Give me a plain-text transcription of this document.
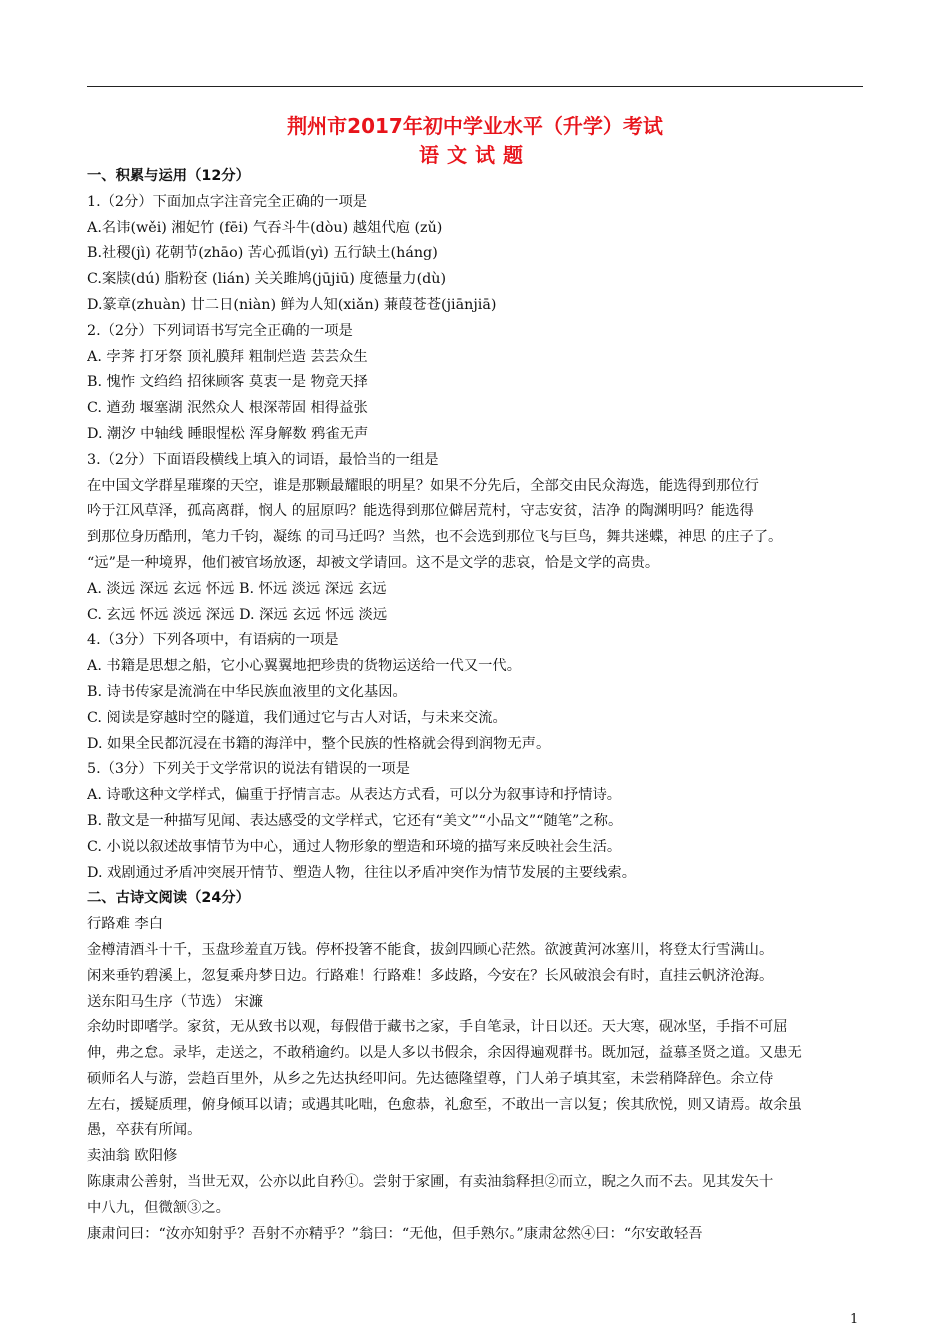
荆州市2017年初中学业水平（升学）考试
语文试题
一、积累与运用（12分）
1.（2分）下面加点字注音完全正确的一项是
A.名讳(wěi) 湘妃竹 (fēi) 气吞斗牛(dòu) 越俎代庖 (zǔ)
B.社稷(jì) 花朝节(zhāo) 苦心孤诣(yì) 五行缺土(háng)
C.案牍(dú) 脂粉奁 (lián) 关关雎鸠(jūjiū) 度德量力(dù)
D.篆章(zhuàn) 廿二日(niàn) 鲜为人知(xiǎn) 蒹葭苍苍(jiānjiā)
2.（2分）下列词语书写完全正确的一项是
A. 孛荠 打牙祭 顶礼膜拜 粗制烂造 芸芸众生
B. 愧怍 文绉绉 招徕顾客 莫衷一是 物竞天择
C. 遒劲 堰塞湖 泯然众人 根深蒂固 相得益张
D. 潮汐 中轴线 睡眼惺松 浑身解数 鸦雀无声
3.（2分）下面语段横线上填入的词语，最恰当的一组是
在中国文学群星璀璨的天空，谁是那颗最耀眼的明星？如果不分先后，全部交由民众海选，能选得到那位行
吟于江风草泽，孤高离群，悯人 的屈原吗？能选得到那位僻居荒村，守志安贫，洁净 的陶渊明吗？能选得
到那位身历酷刑，笔力千钧，凝练 的司马迁吗？当然，也不会选到那位飞与巨鸟，舞共迷蝶，神思 的庄子了。
“远”是一种境界，他们被官场放逐，却被文学请回。这不是文学的悲哀，恰是文学的高贵。
A. 淡远 深远 玄远 怀远 B. 怀远 淡远 深远 玄远
C. 玄远 怀远 淡远 深远 D. 深远 玄远 怀远 淡远
4.（3分）下列各项中，有语病的一项是
A. 书籍是思想之船，它小心翼翼地把珍贵的货物运送给一代又一代。
B. 诗书传家是流淌在中华民族血液里的文化基因。
C. 阅读是穿越时空的隧道，我们通过它与古人对话，与未来交流。
D. 如果全民都沉浸在书籍的海洋中，整个民族的性格就会得到润物无声。
5.（3分）下列关于文学常识的说法有错误的一项是
A. 诗歌这种文学样式，偏重于抒情言志。从表达方式看，可以分为叙事诗和抒情诗。
B. 散文是一种描写见闻、表达感受的文学样式，它还有“美文”“小品文”“随笔”之称。
C. 小说以叙述故事情节为中心，通过人物形象的塑造和环境的描写来反映社会生活。
D. 戏剧通过矛盾冲突展开情节、塑造人物，往往以矛盾冲突作为情节发展的主要线索。
二、古诗文阅读（24分）
行路难 李白
金樽清酒斗十千，玉盘珍羞直万钱。停杯投箸不能食，拔剑四顾心茫然。欲渡黄河冰塞川，将登太行雪满山。
闲来垂钓碧溪上，忽复乘舟梦日边。行路难！行路难！多歧路，今安在？长风破浪会有时，直挂云帆济沧海。
送东阳马生序（节选） 宋濂
余幼时即嗜学。家贫，无从致书以观，每假借于藏书之家，手自笔录，计日以还。天大寒，砚冰坚，手指不可屈
伸，弗之怠。录毕，走送之，不敢稍逾约。以是人多以书假余，余因得遍观群书。既加冠，益慕圣贤之道。又患无
硕师名人与游，尝趋百里外，从乡之先达执经叩问。先达德隆望尊，门人弟子填其室，未尝稍降辞色。余立侍
左右，援疑质理，俯身倾耳以请；或遇其叱咄，色愈恭，礼愈至，不敢出一言以复；俟其欣悦，则又请焉。故余虽
愚，卒获有所闻。
卖油翁 欧阳修
陈康肃公善射，当世无双，公亦以此自矜①。尝射于家圃，有卖油翁释担②而立，睨之久而不去。见其发矢十
中八九，但微颔③之。
康肃问曰：“汝亦知射乎？吾射不亦精乎？”翁曰：“无他，但手熟尔。”康肃忿然④曰：“尔安敢轻吾
1
